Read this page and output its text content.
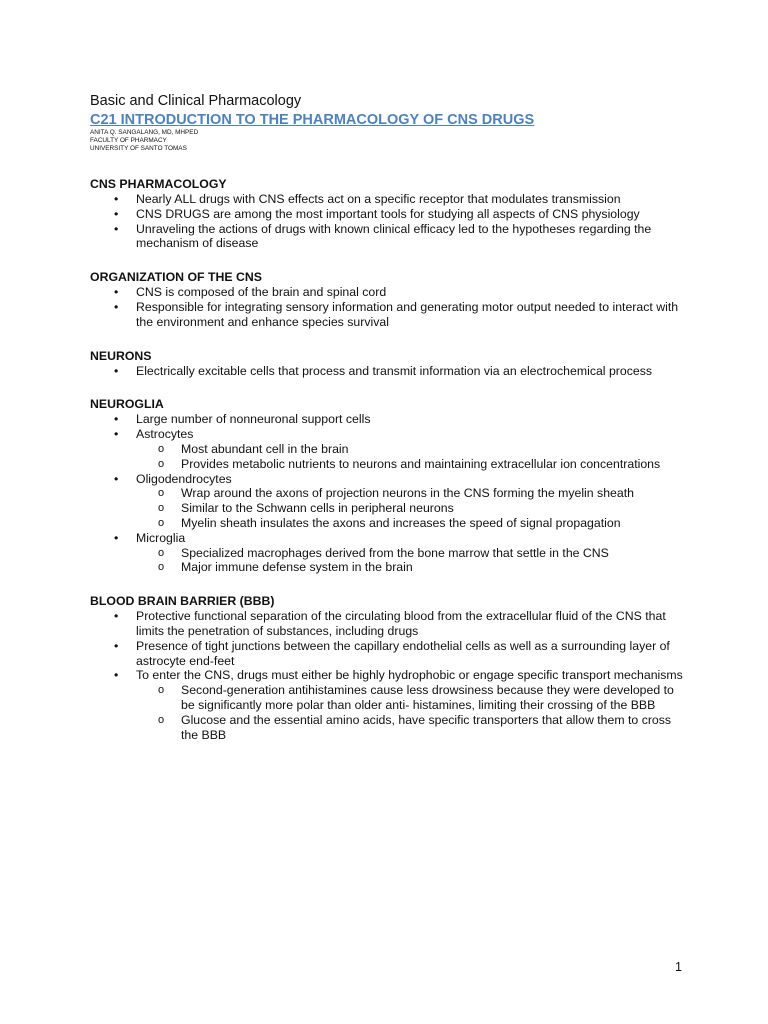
Basic and Clinical Pharmacology

C21 INTRODUCTION TO THE PHARMACOLOGY OF CNS DRUGS

ANITA Q. SANGALANG, MD, MHPED

FACULTY OF PHARMACY

UNIVERSITY OF SANTO TOMAS

CNS PHARMACOLOGY

• Nearly ALL drugs with CNS effects act on a specific receptor that modulates transmission
• CNS DRUGS are among the most important tools for studying all aspects of CNS physiology
• Unraveling the actions of drugs with known clinical efficacy led to the hypotheses regarding the mechanism of disease

ORGANIZATION OF THE CNS

• CNS is composed of the brain and spinal cord
• Responsible for integrating sensory information and generating motor output needed to interact with the environment and enhance species survival

NEURONS

• Electrically excitable cells that process and transmit information via an electrochemical process

NEUROGLIA

• Large number of nonneuronal support cells
• Astrocytes
o Most abundant cell in the brain
o Provides metabolic nutrients to neurons and maintaining extracellular ion concentrations
• Oligodendrocytes
o Wrap around the axons of projection neurons in the CNS forming the myelin sheath
o Similar to the Schwann cells in peripheral neurons
o Myelin sheath insulates the axons and increases the speed of signal propagation
• Microglia
o Specialized macrophages derived from the bone marrow that settle in the CNS
o Major immune defense system in the brain

BLOOD BRAIN BARRIER (BBB)

• Protective functional separation of the circulating blood from the extracellular fluid of the CNS that limits the penetration of substances, including drugs
• Presence of tight junctions between the capillary endothelial cells as well as a surrounding layer of astrocyte end-feet
• To enter the CNS, drugs must either be highly hydrophobic or engage specific transport mechanisms
o Second-generation antihistamines cause less drowsiness because they were developed to be significantly more polar than older anti- histamines, limiting their crossing of the BBB
o Glucose and the essential amino acids, have specific transporters that allow them to cross the BBB
1
